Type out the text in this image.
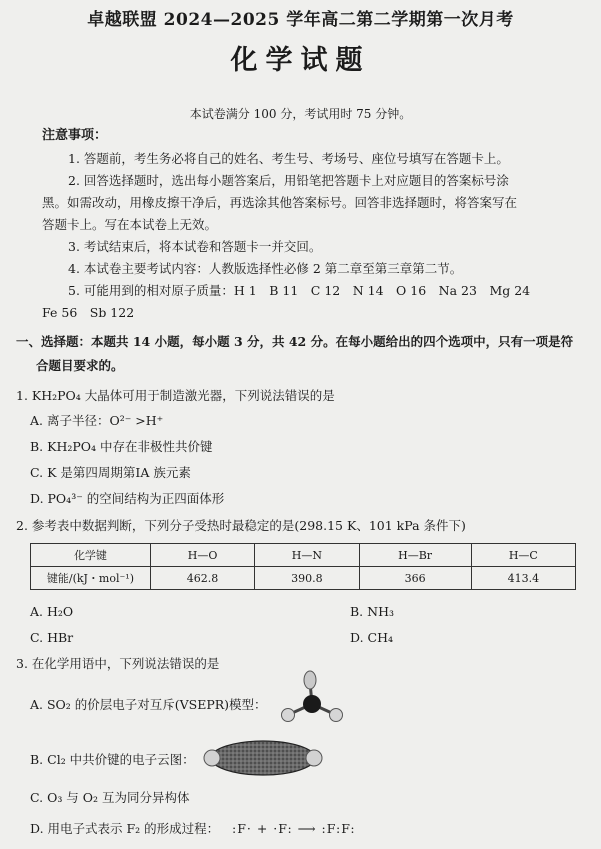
卓越联盟 2024—2025 学年高二第二学期第一次月考
化学试题
本试卷满分 100 分，考试用时 75 分钟。
注意事项：
1. 答题前，考生务必将自己的姓名、考生号、考场号、座位号填写在答题卡上。
2. 回答选择题时，选出每小题答案后，用铅笔把答题卡上对应题目的答案标号涂
黑。如需改动，用橡皮擦干净后，再选涂其他答案标号。回答非选择题时，将答案写在
答题卡上。写在本试卷上无效。
3. 考试结束后，将本试卷和答题卡一并交回。
4. 本试卷主要考试内容：人教版选择性必修 2 第二章至第三章第二节。
5. 可能用到的相对原子质量：H 1　B 11　C 12　N 14　O 16　Na 23　Mg 24
Fe 56　Sb 122
一、选择题：本题共 14 小题，每小题 3 分，共 42 分。在每小题给出的四个选项中，只有一项是符
合题目要求的。
1. KH₂PO₄ 大晶体可用于制造激光器，下列说法错误的是
A. 离子半径：O²⁻ >H⁺
B. KH₂PO₄ 中存在非极性共价键
C. K 是第四周期第ⅠA 族元素
D. PO₄³⁻ 的空间结构为正四面体形
2. 参考表中数据判断，下列分子受热时最稳定的是(298.15 K、101 kPa 条件下)
化学键	H—O	H—N	H—Br	H—C
键能/(kJ・mol⁻¹)	462.8	390.8	366	413.4
A. H₂O	B. NH₃
C. HBr	D. CH₄
3. 在化学用语中，下列说法错误的是
A. SO₂ 的价层电子对互斥(VSEPR)模型：
B. Cl₂ 中共价键的电子云图：
C. O₃ 与 O₂ 互为同分异构体
D. 用电子式表示 F₂ 的形成过程： :F· + ·F: ⟶ :F:F:
